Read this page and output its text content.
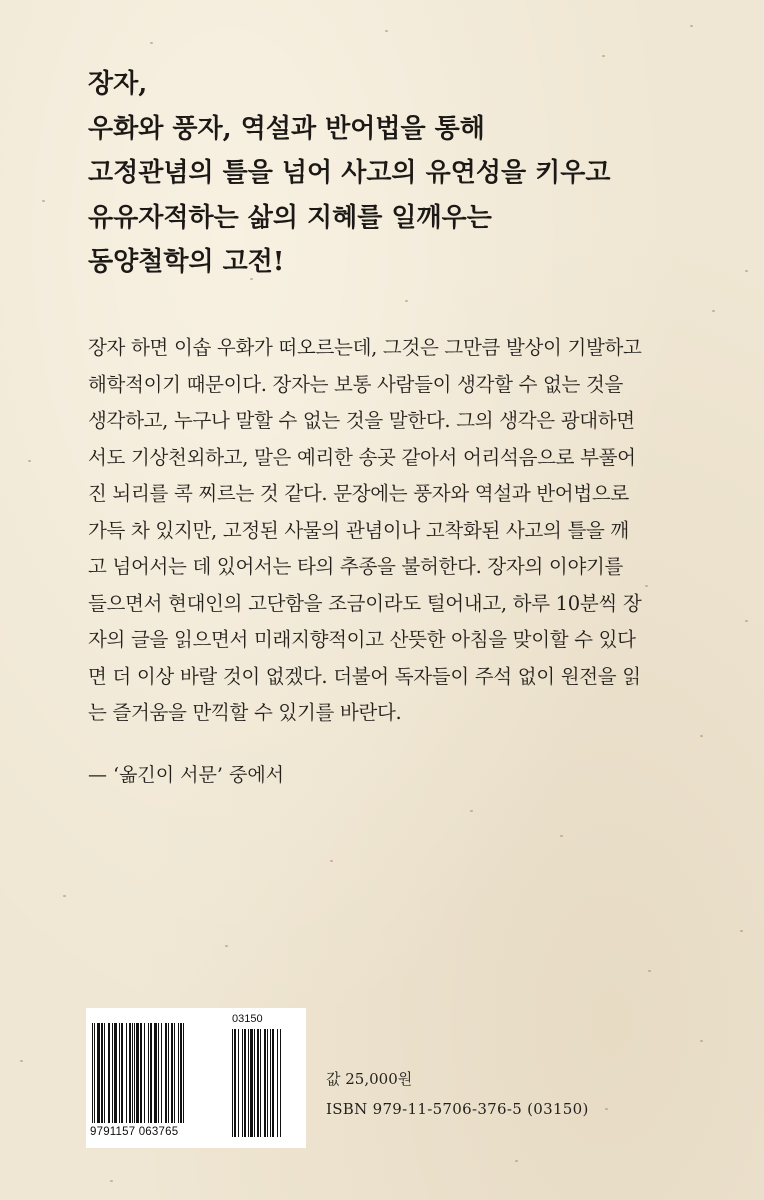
장자,
우화와 풍자, 역설과 반어법을 통해
고정관념의 틀을 넘어 사고의 유연성을 키우고
유유자적하는 삶의 지혜를 일깨우는
동양철학의 고전!
장자 하면 이솝 우화가 떠오르는데, 그것은 그만큼 발상이 기발하고
해학적이기 때문이다. 장자는 보통 사람들이 생각할 수 없는 것을
생각하고, 누구나 말할 수 없는 것을 말한다. 그의 생각은 광대하면
서도 기상천외하고, 말은 예리한 송곳 같아서 어리석음으로 부풀어
진 뇌리를 콕 찌르는 것 같다. 문장에는 풍자와 역설과 반어법으로
가득 차 있지만, 고정된 사물의 관념이나 고착화된 사고의 틀을 깨
고 넘어서는 데 있어서는 타의 추종을 불허한다. 장자의 이야기를
들으면서 현대인의 고단함을 조금이라도 털어내고, 하루 10분씩 장
자의 글을 읽으면서 미래지향적이고 산뜻한 아침을 맞이할 수 있다
면 더 이상 바랄 것이 없겠다. 더불어 독자들이 주석 없이 원전을 읽
는 즐거움을 만끽할 수 있기를 바란다.
— ‘옮긴이 서문’ 중에서
03150
9791157 063765
값 25,000원
ISBN 979-11-5706-376-5 (03150)
